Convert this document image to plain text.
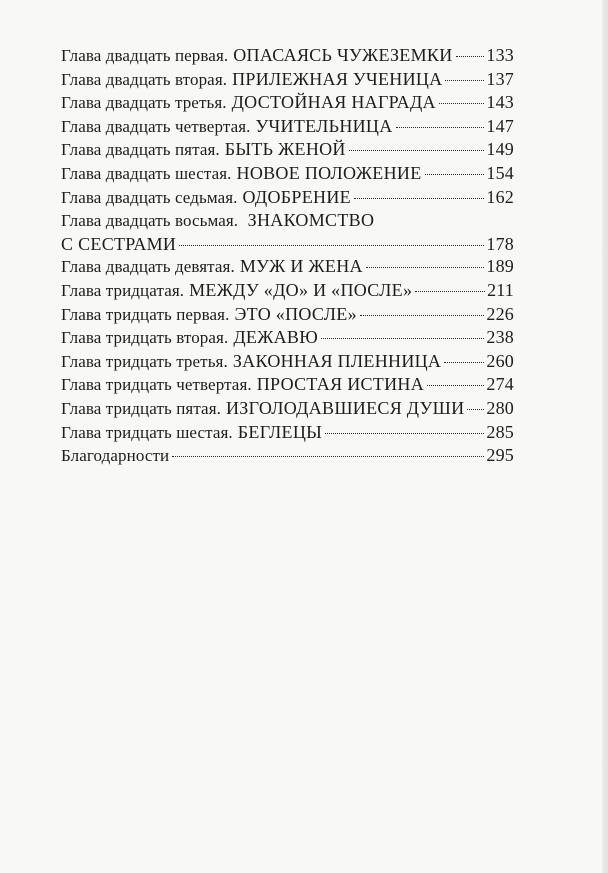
Глава двадцать первая. ОПАСАЯСЬ ЧУЖЕЗЕМКИ 133
Глава двадцать вторая. ПРИЛЕЖНАЯ УЧЕНИЦА 137
Глава двадцать третья. ДОСТОЙНАЯ НАГРАДА	143
Глава двадцать четвертая. УЧИТЕЛЬНИЦА	147
Глава двадцать пятая. БЫТЬ ЖЕНОЙ	149
Глава двадцать шестая. НОВОЕ ПОЛОЖЕНИЕ	154
Глава двадцать седьмая. ОДОБРЕНИЕ	162
Глава двадцать восьмая. ЗНАКОМСТВО
С СЕСТРАМИ	178
Глава двадцать девятая. МУЖ И ЖЕНА	189
Глава тридцатая. МЕЖДУ «ДО» И «ПОСЛЕ»	211
Глава тридцать первая. ЭТО «ПОСЛЕ»	226
Глава тридцать вторая. ДЕЖАВЮ	238
Глава тридцать третья. ЗАКОННАЯ ПЛЕННИЦА	260
Глава тридцать четвертая. ПРОСТАЯ ИСТИНА	274
Глава тридцать пятая. ИЗГОЛОДАВШИЕСЯ ДУШИ 280
Глава тридцать шестая. БЕГЛЕЦЫ	285
Благодарности	295
